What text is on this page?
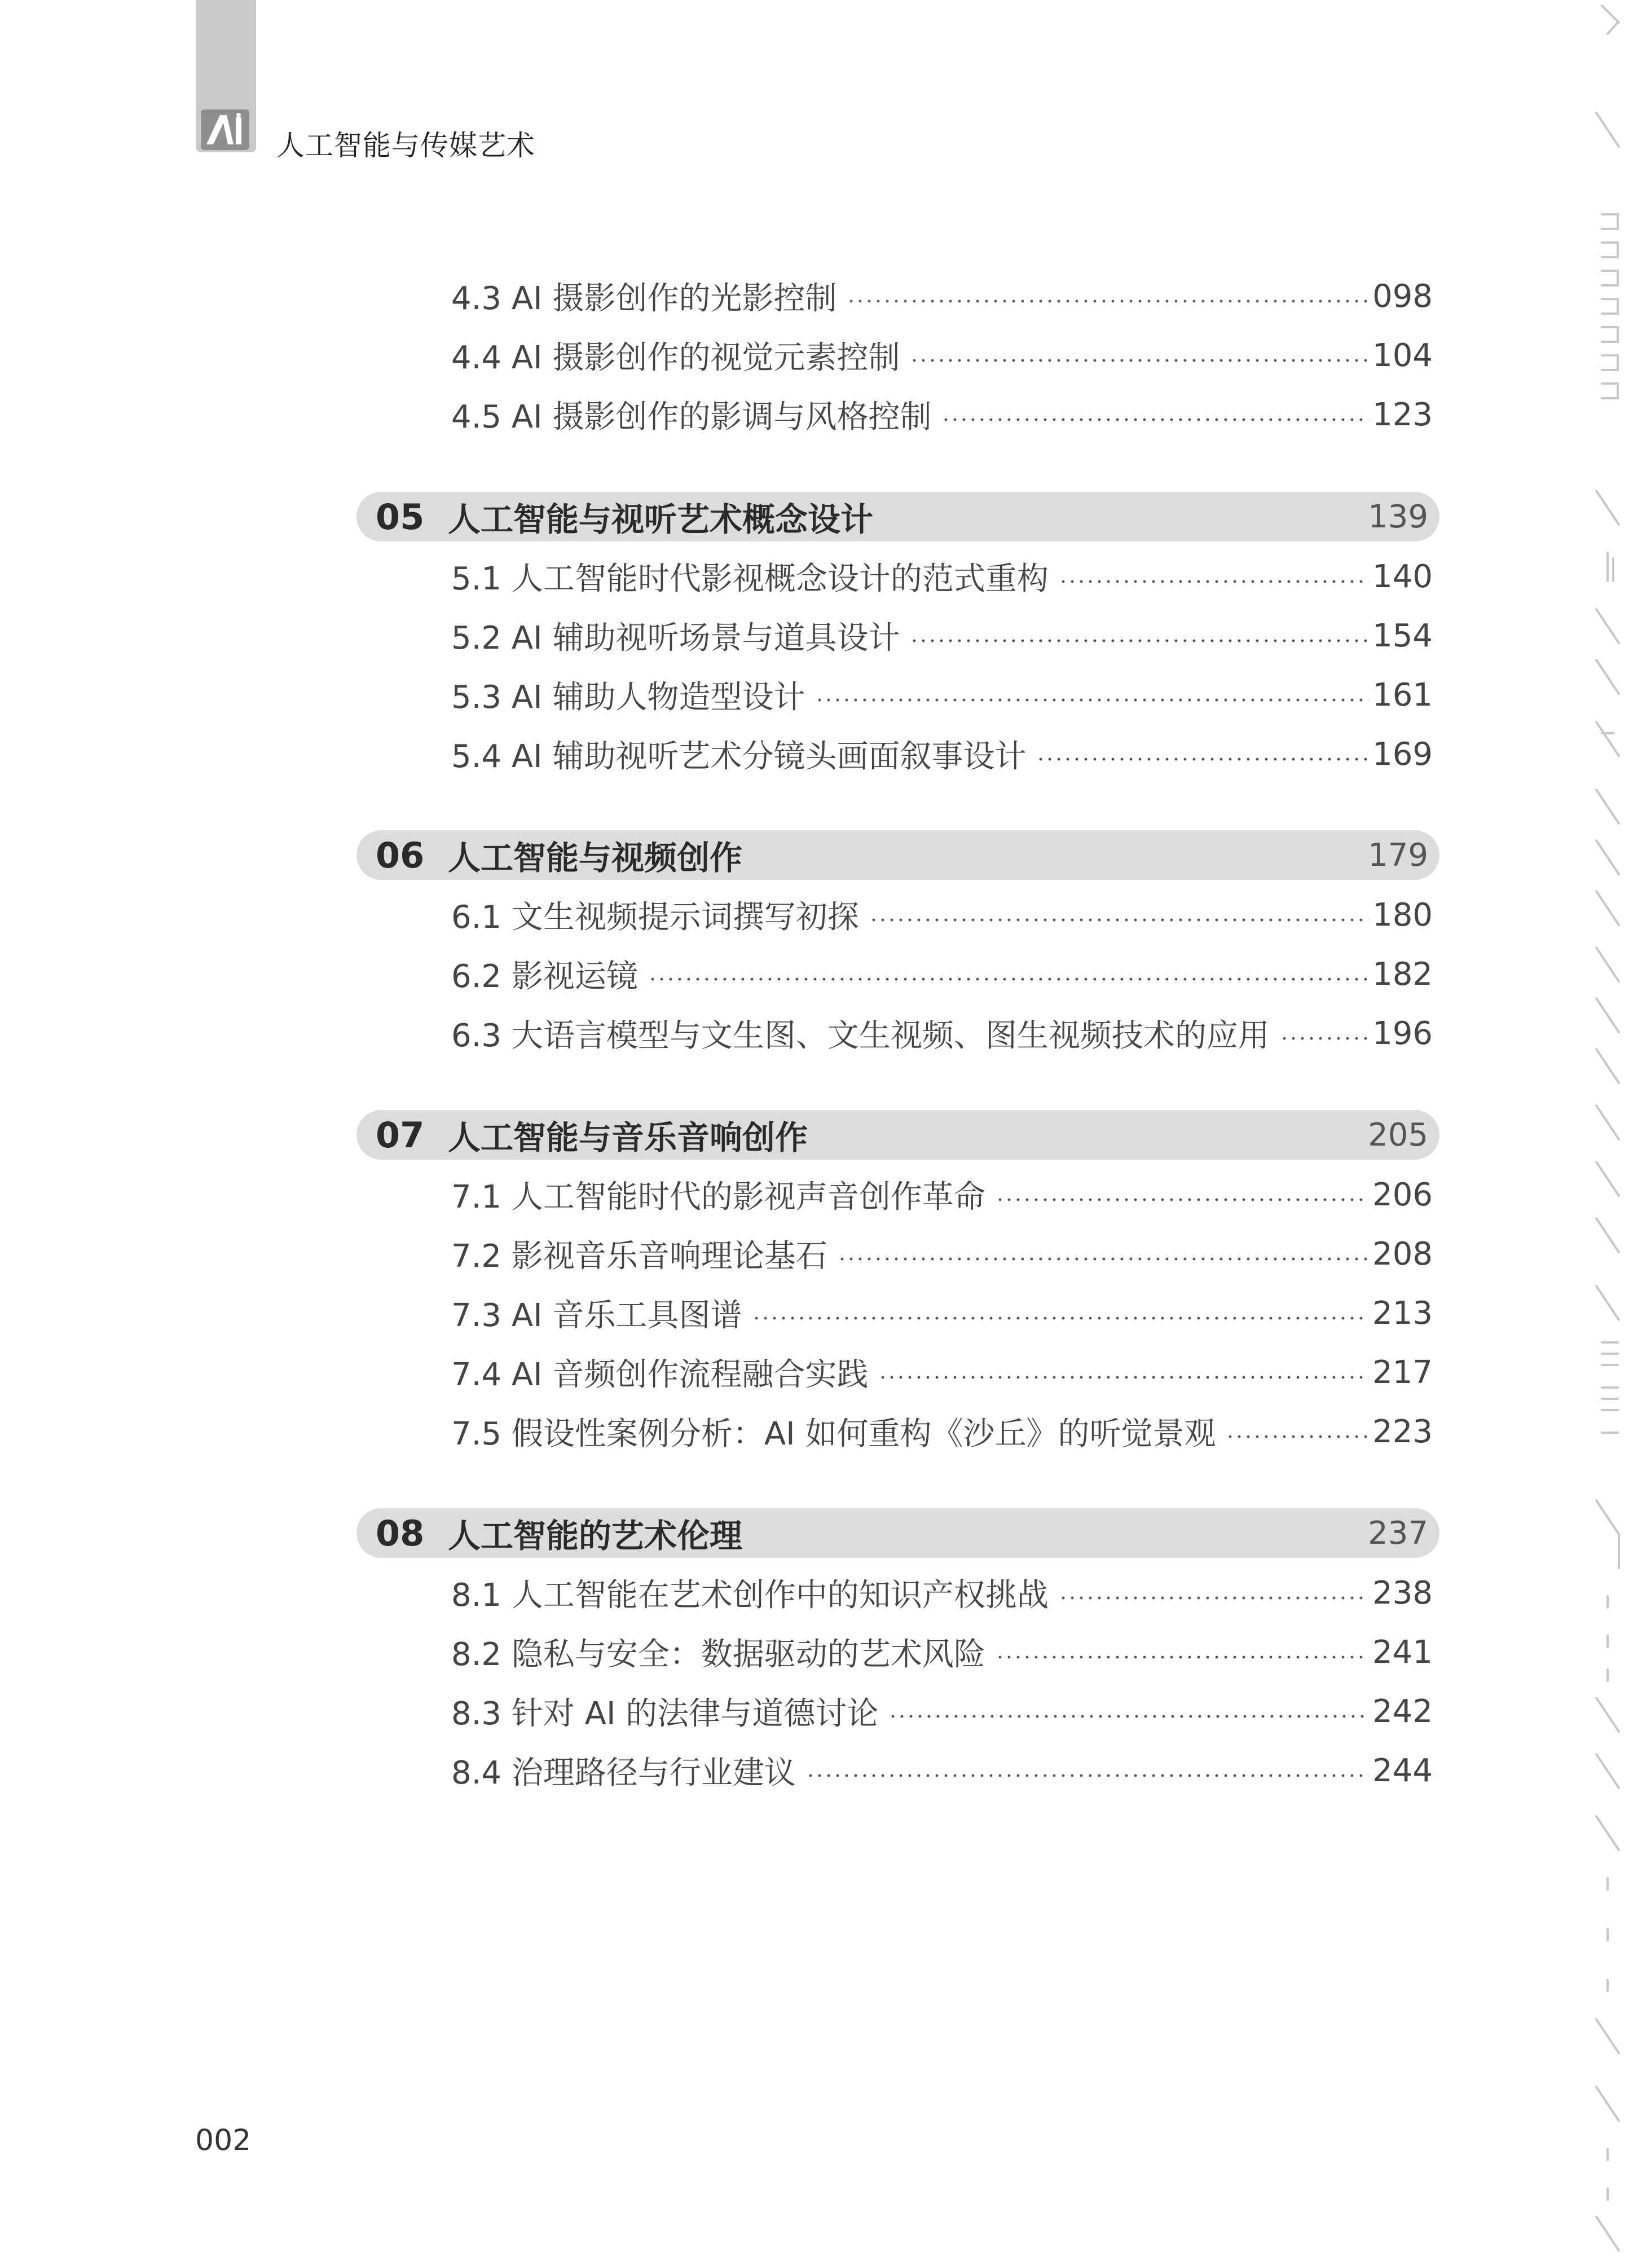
AI
人工智能与传媒艺术
4.3 AI 摄影创作的光影控制	098
4.4 AI 摄影创作的视觉元素控制	104
4.5 AI 摄影创作的影调与风格控制	123
05 人工智能与视听艺术概念设计	139
5.1 人工智能时代影视概念设计的范式重构	140
5.2 AI 辅助视听场景与道具设计	154
5.3 AI 辅助人物造型设计	161
5.4 AI 辅助视听艺术分镜头画面叙事设计	169
06 人工智能与视频创作	179
6.1 文生视频提示词撰写初探	180
6.2 影视运镜	182
6.3 大语言模型与文生图、文生视频、图生视频技术的应用	196
07 人工智能与音乐音响创作	205
7.1 人工智能时代的影视声音创作革命	206
7.2 影视音乐音响理论基石	208
7.3 AI 音乐工具图谱	213
7.4 AI 音频创作流程融合实践	217
7.5 假设性案例分析：AI 如何重构《沙丘》的听觉景观	223
08 人工智能的艺术伦理	237
8.1 人工智能在艺术创作中的知识产权挑战	238
8.2 隐私与安全：数据驱动的艺术风险	241
8.3 针对 AI 的法律与道德讨论	242
8.4 治理路径与行业建议	244
002
